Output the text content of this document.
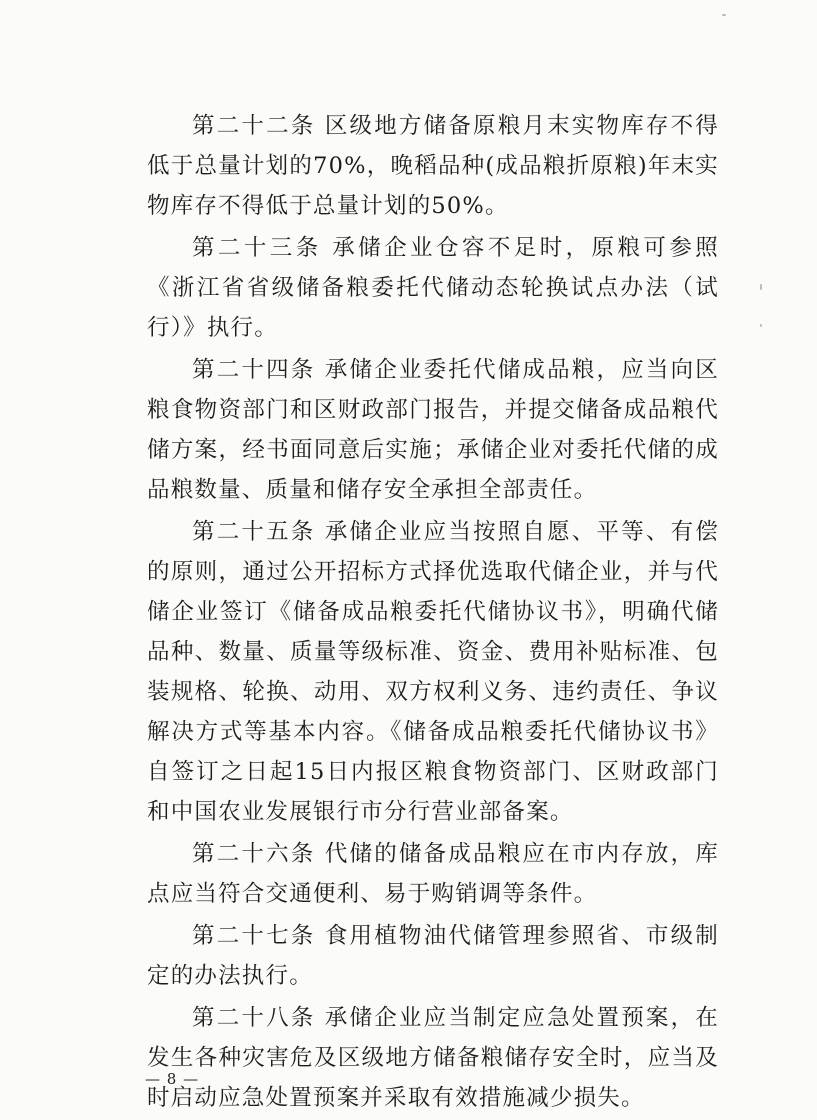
第二十二条 区级地方储备原粮月末实物库存不得低于总量计划的70%，晚稻品种(成品粮折原粮)年末实物库存不得低于总量计划的50%。

第二十三条 承储企业仓容不足时，原粮可参照《浙江省省级储备粮委托代储动态轮换试点办法（试行）》执行。

第二十四条 承储企业委托代储成品粮，应当向区粮食物资部门和区财政部门报告，并提交储备成品粮代储方案，经书面同意后实施；承储企业对委托代储的成品粮数量、质量和储存安全承担全部责任。

第二十五条 承储企业应当按照自愿、平等、有偿的原则，通过公开招标方式择优选取代储企业，并与代储企业签订《储备成品粮委托代储协议书》，明确代储品种、数量、质量等级标准、资金、费用补贴标准、包装规格、轮换、动用、双方权利义务、违约责任、争议解决方式等基本内容。《储备成品粮委托代储协议书》自签订之日起15日内报区粮食物资部门、区财政部门和中国农业发展银行市分行营业部备案。

第二十六条 代储的储备成品粮应在市内存放，库点应当符合交通便利、易于购销调等条件。

第二十七条 食用植物油代储管理参照省、市级制定的办法执行。

第二十八条 承储企业应当制定应急处置预案，在发生各种灾害危及区级地方储备粮储存安全时，应当及时启动应急处置预案并采取有效措施减少损失。

— 8 —
